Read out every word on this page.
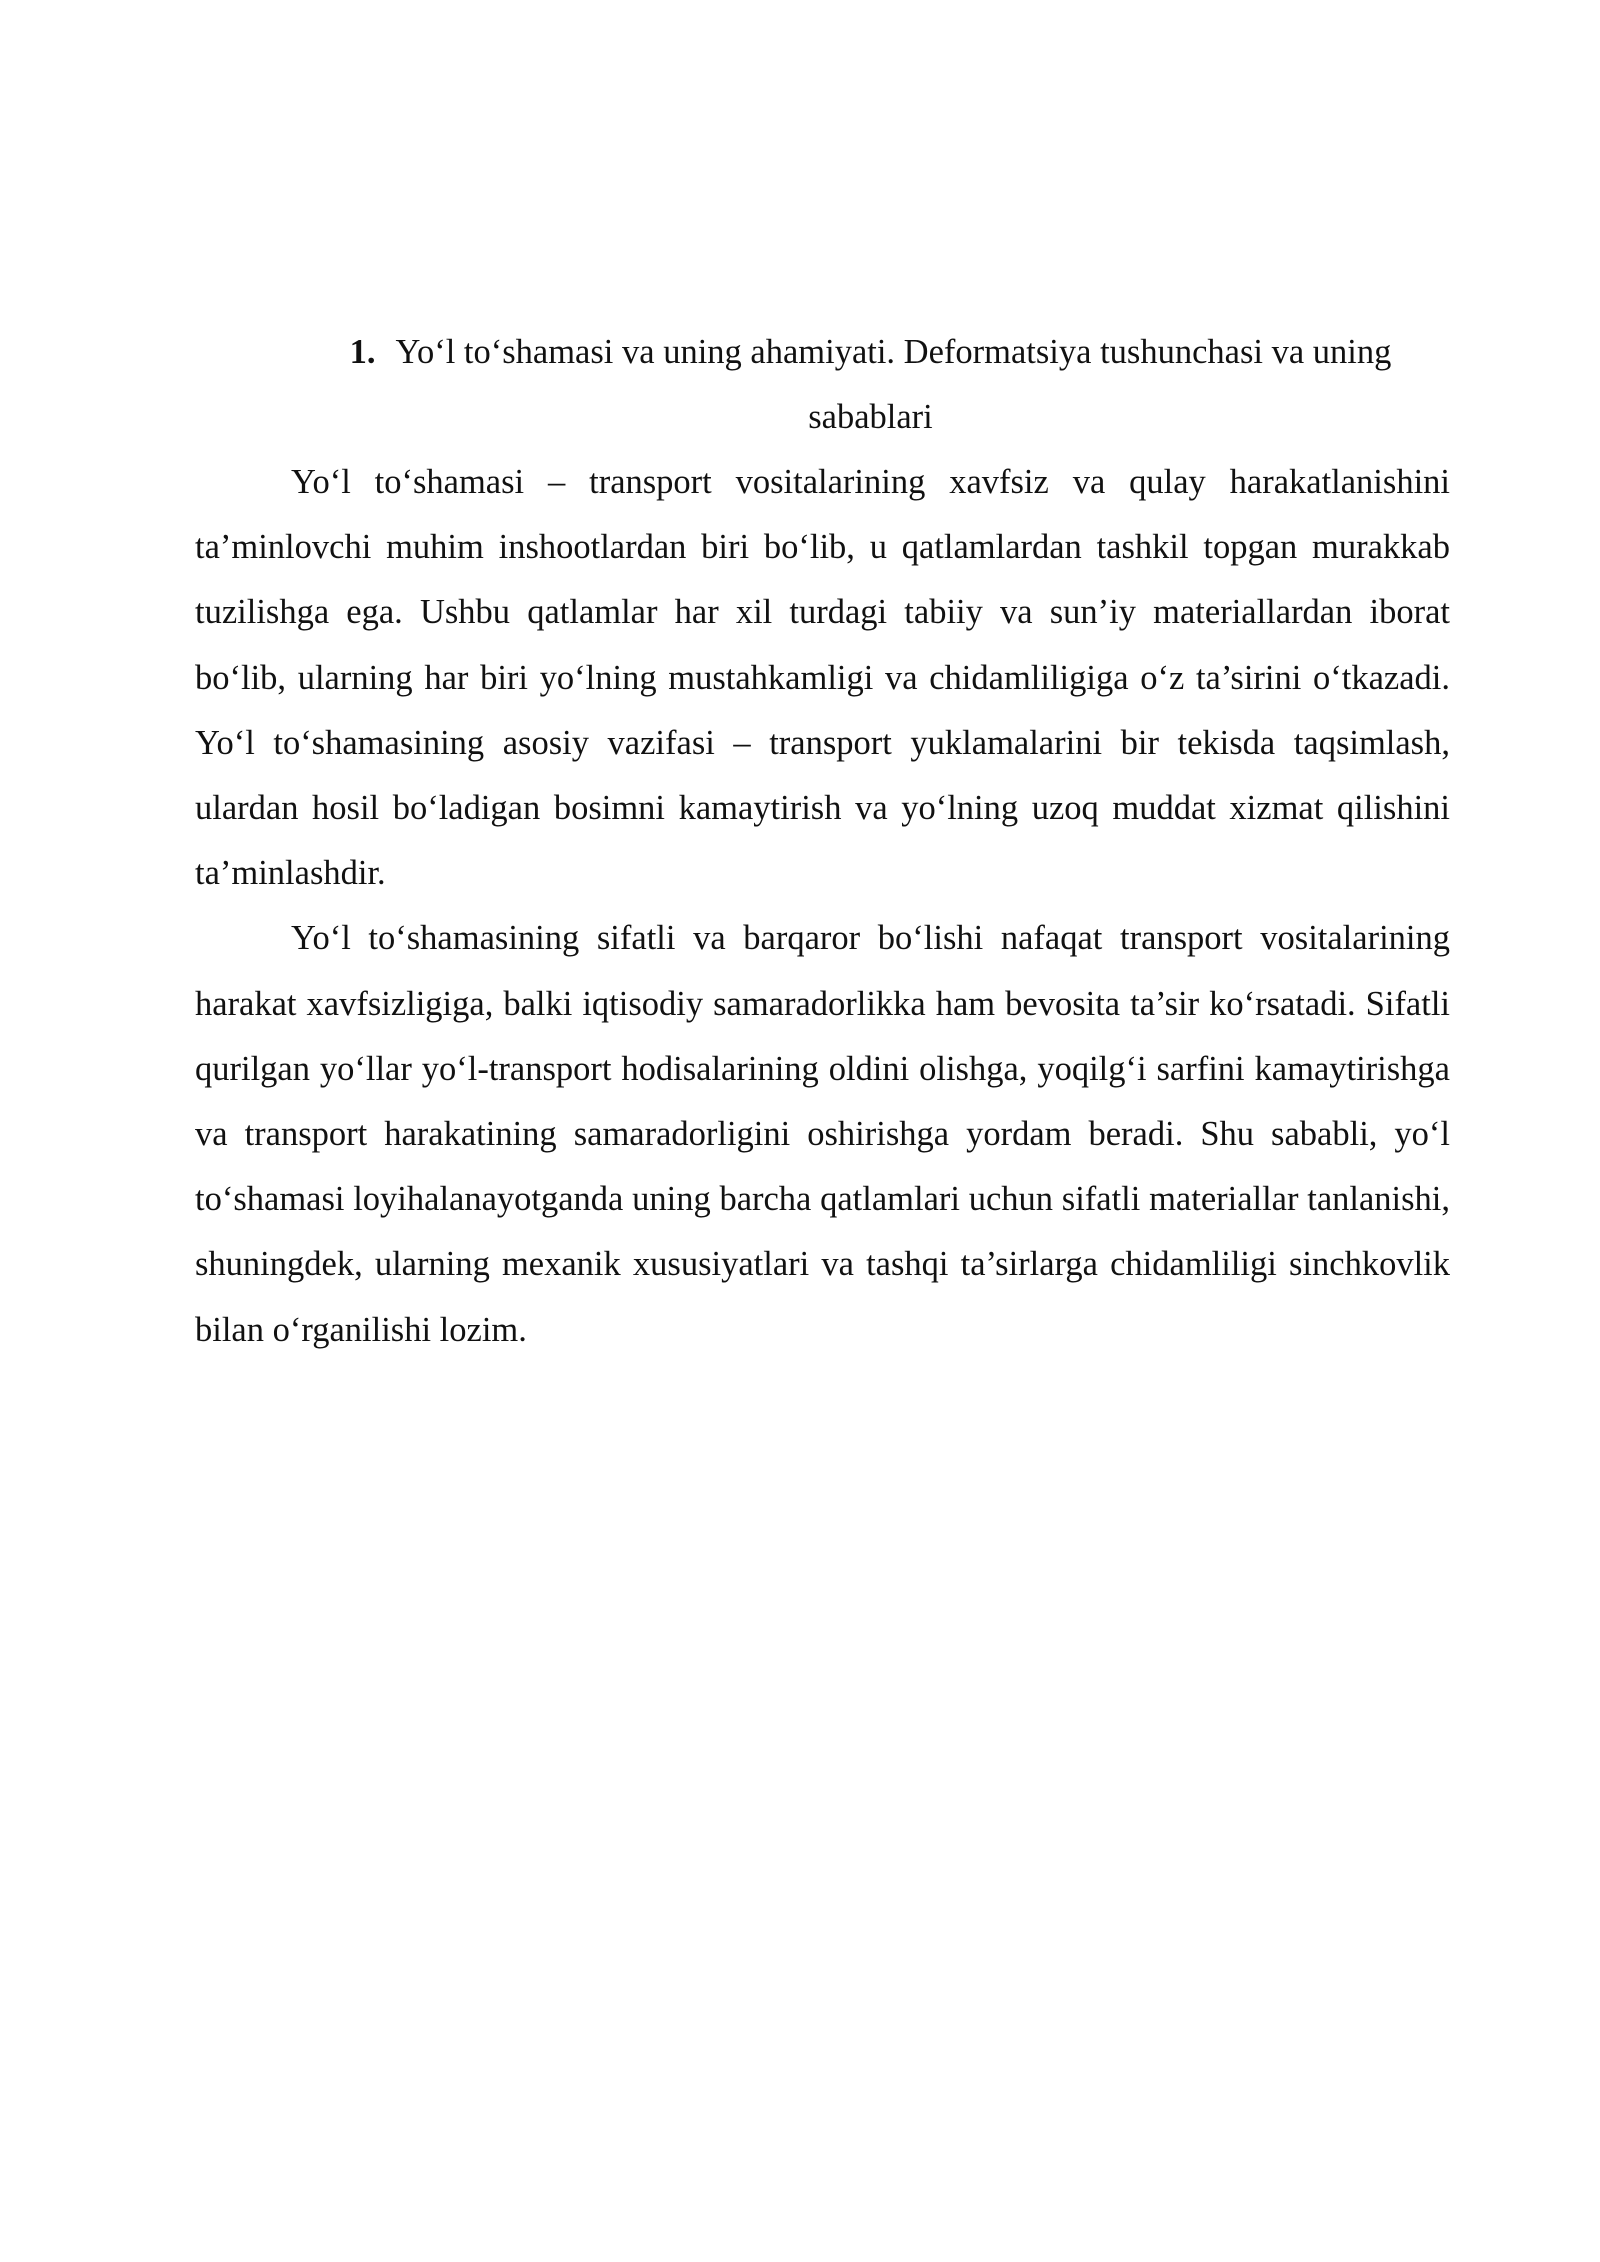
1. Yo‘l to‘shamasi va uning ahamiyati. Deformatsiya tushunchasi va uning sabablari

Yo‘l to‘shamasi – transport vositalarining xavfsiz va qulay harakatlanishini ta’minlovchi muhim inshootlardan biri bo‘lib, u qatlamlardan tashkil topgan murakkab tuzilishga ega. Ushbu qatlamlar har xil turdagi tabiiy va sun’iy materiallardan iborat bo‘lib, ularning har biri yo‘lning mustahkamligi va chidamliligiga o‘z ta’sirini o‘tkazadi. Yo‘l to‘shamasining asosiy vazifasi – transport yuklamalarini bir tekisda taqsimlash, ulardan hosil bo‘ladigan bosimni kamaytirish va yo‘lning uzoq muddat xizmat qilishini ta’minlashdir.

Yo‘l to‘shamasining sifatli va barqaror bo‘lishi nafaqat transport vositalarining harakat xavfsizligiga, balki iqtisodiy samaradorlikka ham bevosita ta’sir ko‘rsatadi. Sifatli qurilgan yo‘llar yo‘l-transport hodisalarining oldini olishga, yoqilg‘i sarfini kamaytirishga va transport harakatining samaradorligini oshirishga yordam beradi. Shu sababli, yo‘l to‘shamasi loyihalanayotganda uning barcha qatlamlari uchun sifatli materiallar tanlanishi, shuningdek, ularning mexanik xususiyatlari va tashqi ta’sirlarga chidamliligi sinchkovlik bilan o‘rganilishi lozim.
